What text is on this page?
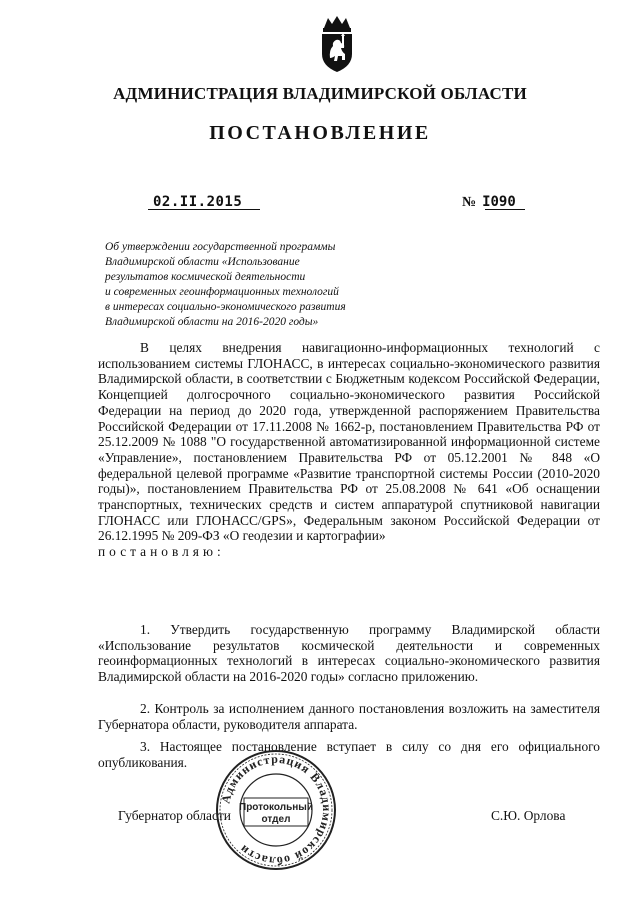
АДМИНИСТРАЦИЯ ВЛАДИМИРСКОЙ ОБЛАСТИ
ПОСТАНОВЛЕНИЕ
02.II.2015	№ I090
Об утверждении государственной программы
Владимирской области «Использование
результатов космической деятельности
и современных геоинформационных технологий
в интересах социально-экономического развития
Владимирской области на 2016-2020 годы»
В целях внедрения навигационно-информационных технологий с использованием системы ГЛОНАСС, в интересах социально-экономического развития Владимирской области, в соответствии с Бюджетным кодексом Российской Федерации, Концепцией долгосрочного социально-экономического развития Российской Федерации на период до 2020 года, утвержденной распоряжением Правительства Российской Федерации от 17.11.2008 № 1662-р, постановлением Правительства РФ от 25.12.2009 № 1088 "О государственной автоматизированной информационной системе «Управление», постановлением Правительства РФ от 05.12.2001 № 848 «О федеральной целевой программе «Развитие транспортной системы России (2010-2020 годы)», постановлением Правительства РФ от 25.08.2008 № 641 «Об оснащении транспортных, технических средств и систем аппаратурой спутниковой навигации ГЛОНАСС или ГЛОНАСС/GPS», Федеральным законом Российской Федерации от 26.12.1995 № 209-ФЗ «О геодезии и картографии»
постановляю:
1. Утвердить государственную программу Владимирской области «Использование результатов космической деятельности и современных геоинформационных технологий в интересах социально-экономического развития Владимирской области на 2016-2020 годы» согласно приложению.
2. Контроль за исполнением данного постановления возложить на заместителя Губернатора области, руководителя аппарата.
3. Настоящее постановление вступает в силу со дня его официального опубликования.
Губернатор области	С.Ю. Орлова
Администрация Владимирской области
Протокольный
отдел
